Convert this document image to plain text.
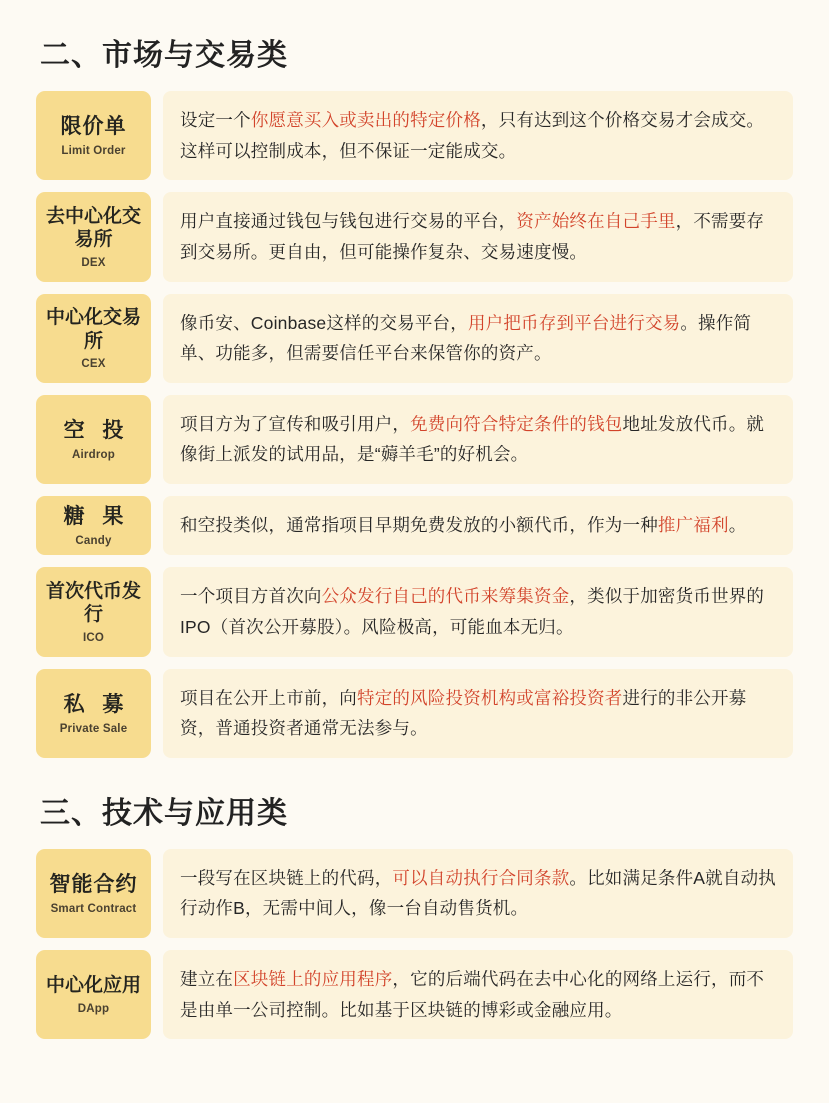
二、市场与交易类
限价单
Limit Order

设定一个你愿意买入或卖出的特定价格，只有达到这个价格交易才会成交。这样可以控制成本，但不保证一定能成交。

去中心化交易所
DEX

用户直接通过钱包与钱包进行交易的平台，资产始终在自己手里，不需要存到交易所。更自由，但可能操作复杂、交易速度慢。

中心化交易所
CEX

像币安、Coinbase这样的交易平台，用户把币存到平台进行交易。操作简单、功能多，但需要信任平台来保管你的资产。

空 投
Airdrop

项目方为了宣传和吸引用户，免费向符合特定条件的钱包地址发放代币。就像街上派发的试用品，是“薅羊毛”的好机会。

糖 果
Candy

和空投类似，通常指项目早期免费发放的小额代币，作为一种推广福利。

首次代币发行
ICO

一个项目方首次向公众发行自己的代币来筹集资金，类似于加密货币世界的IPO（首次公开募股）。风险极高，可能血本无归。

私 募
Private Sale

项目在公开上市前，向特定的风险投资机构或富裕投资者进行的非公开募资，普通投资者通常无法参与。

三、技术与应用类
智能合约
Smart Contract

一段写在区块链上的代码，可以自动执行合同条款。比如满足条件A就自动执行动作B，无需中间人，像一台自动售货机。

中心化应用
DApp

建立在区块链上的应用程序，它的后端代码在去中心化的网络上运行，而不是由单一公司控制。比如基于区块链的博彩或金融应用。
